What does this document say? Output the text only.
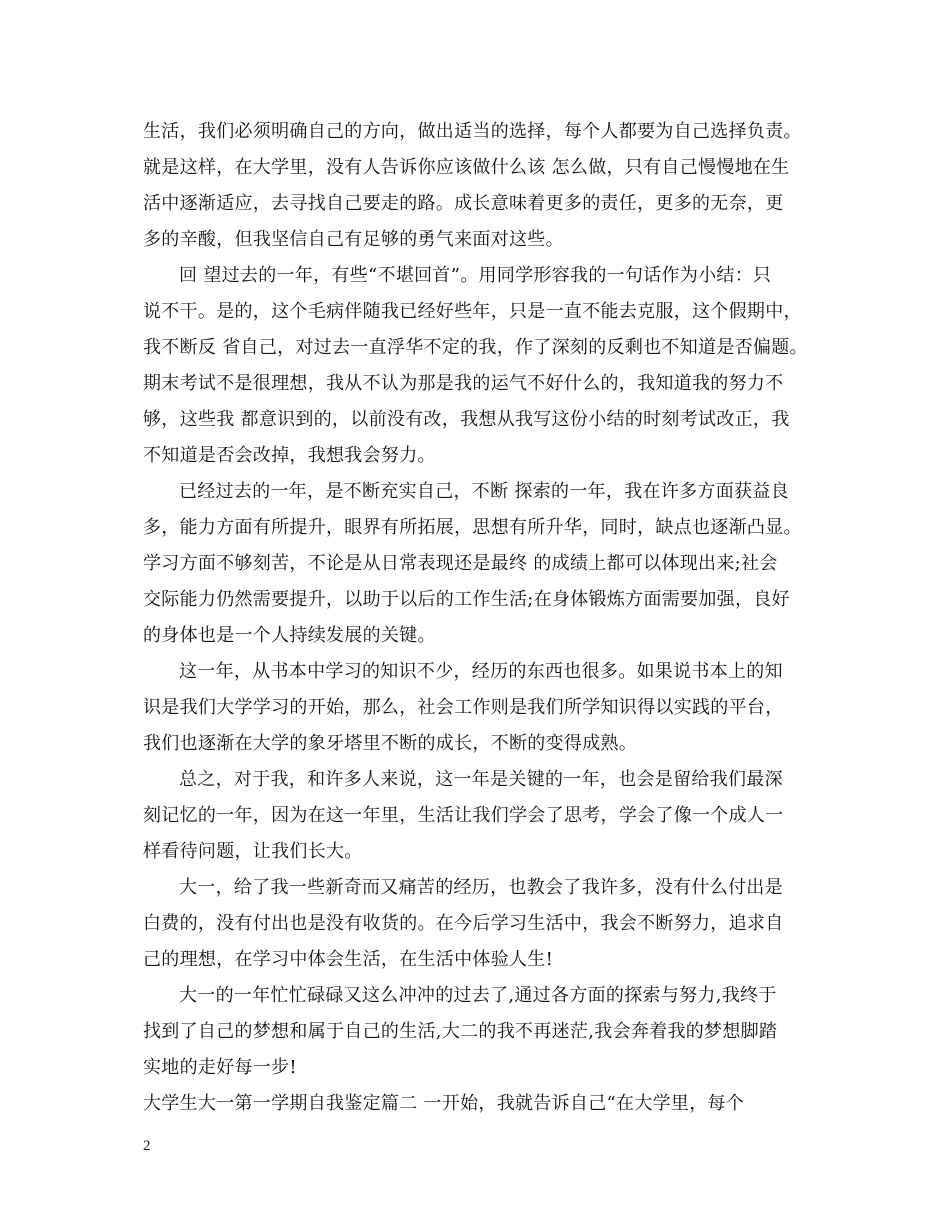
生活，我们必须明确自己的方向，做出适当的选择，每个人都要为自己选择负责。
就是这样，在大学里，没有人告诉你应该做什么该 怎么做，只有自己慢慢地在生
活中逐渐适应，去寻找自己要走的路。成长意味着更多的责任，更多的无奈，更
多的辛酸，但我坚信自己有足够的勇气来面对这些。
回 望过去的一年，有些“不堪回首”。用同学形容我的一句话作为小结：只
说不干。是的，这个毛病伴随我已经好些年，只是一直不能去克服，这个假期中，
我不断反 省自己，对过去一直浮华不定的我，作了深刻的反剩也不知道是否偏题。
期末考试不是很理想，我从不认为那是我的运气不好什么的，我知道我的努力不
够，这些我 都意识到的，以前没有改，我想从我写这份小结的时刻考试改正，我
不知道是否会改掉，我想我会努力。
已经过去的一年，是不断充实自己，不断 探索的一年，我在许多方面获益良
多，能力方面有所提升，眼界有所拓展，思想有所升华，同时，缺点也逐渐凸显。
学习方面不够刻苦，不论是从日常表现还是最终 的成绩上都可以体现出来;社会
交际能力仍然需要提升，以助于以后的工作生活;在身体锻炼方面需要加强，良好
的身体也是一个人持续发展的关键。
这一年，从书本中学习的知识不少，经历的东西也很多。如果说书本上的知
识是我们大学学习的开始，那么，社会工作则是我们所学知识得以实践的平台，
我们也逐渐在大学的象牙塔里不断的成长，不断的变得成熟。
总之，对于我，和许多人来说，这一年是关键的一年，也会是留给我们最深
刻记忆的一年，因为在这一年里，生活让我们学会了思考，学会了像一个成人一
样看待问题，让我们长大。
大一，给了我一些新奇而又痛苦的经历，也教会了我许多，没有什么付出是
白费的，没有付出也是没有收货的。在今后学习生活中，我会不断努力，追求自
己的理想，在学习中体会生活，在生活中体验人生!
大一的一年忙忙碌碌又这么冲冲的过去了,通过各方面的探索与努力,我终于
找到了自己的梦想和属于自己的生活,大二的我不再迷茫,我会奔着我的梦想脚踏
实地的走好每一步!
大学生大一第一学期自我鉴定篇二 一开始，我就告诉自己“在大学里，每个
2
